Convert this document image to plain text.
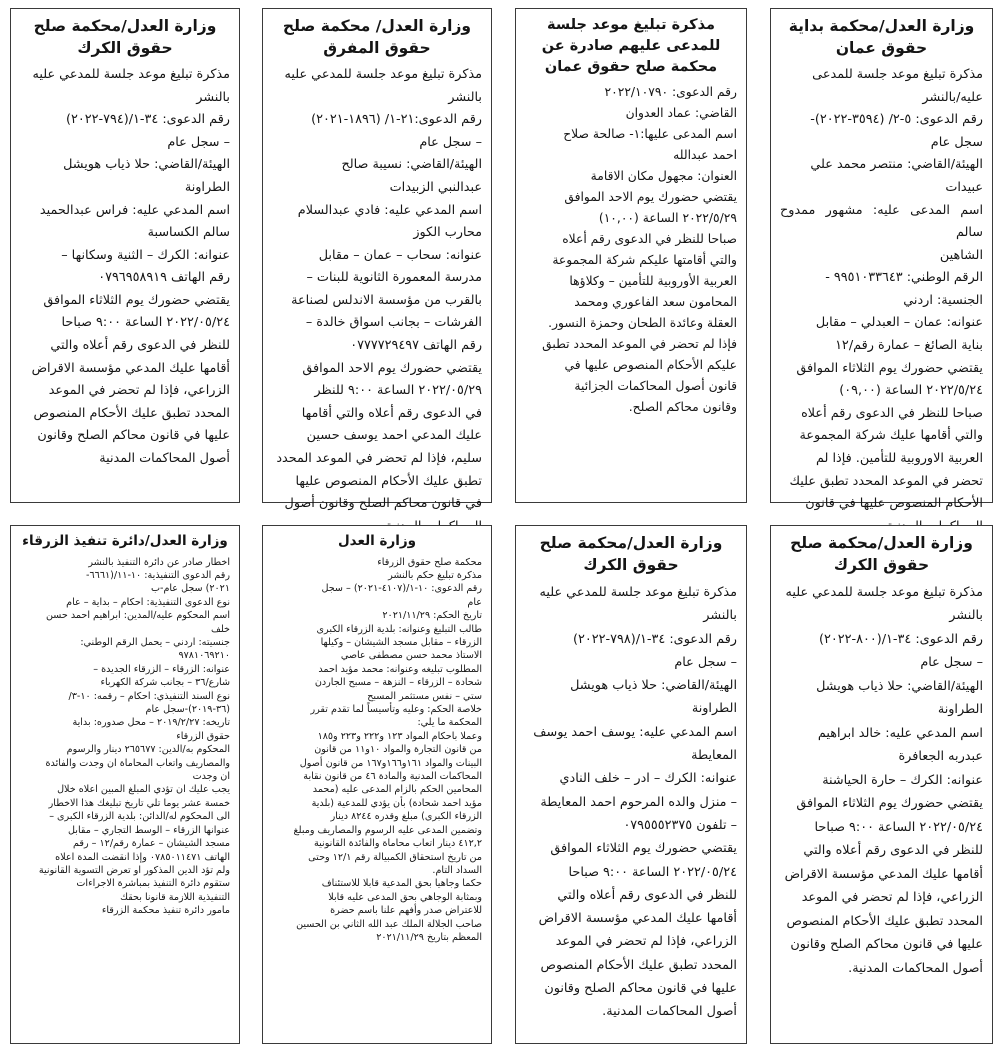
وزارة العدل/محكمة بداية حقوق عمان
مذكرة تبليغ موعد جلسة للمدعى
عليه/بالنشر
رقم الدعوى: ٥-٢/ (٣٥٩٤-٢٠٢٢)-
سجل عام
الهيئة/القاضي: منتصر محمد علي
عبيدات
اسم المدعى عليه: مشهور ممدوح سالم
الشاهين
الرقم الوطني: ٩٩٥١٠٣٣٦٤٣ -
الجنسية: اردني
عنوانه: عمان – العبدلي – مقابل
بناية الصائغ – عمارة رقم/١٢
يقتضي حضورك يوم الثلاثاء الموافق
٢٠٢٢/٥/٢٤ الساعة (٠٩,٠٠)
صباحا للنظر في الدعوى رقم أعلاه
والتي أقامها عليك شركة المجموعة
العربية الاوروبية للتأمين. فإذا لم
تحضر في الموعد المحدد تطبق عليك
الأحكام المنصوص عليها في قانون
مذكرة تبليغ موعد جلسة للمدعى عليهم صادرة عن محكمة صلح حقوق عمان
رقم الدعوى: ٢٠٢٢/١٠٧٩٠
القاضي: عماد العدوان
اسم المدعى عليها:١- صالحة صلاح
احمد عبدالله
العنوان: مجهول مكان الاقامة
يقتضي حضورك يوم الاحد الموافق
٢٠٢٢/٥/٢٩ الساعة (١٠,٠٠)
صباحا للنظر في الدعوى رقم أعلاه
والتي أقامتها عليكم شركة المجموعة
العربية الأوروبية للتأمين – وكلاؤها
المحامون سعد الفاعوري ومحمد
العقلة وعائدة الطحان وحمزة النسور.
فإذا لم تحضر في الموعد المحدد تطبق
عليكم الأحكام المنصوص عليها في
قانون أصول المحاكمات الجزائية
وقانون محاكم الصلح.
وزارة العدل/ محكمة صلح حقوق المفرق
مذكرة تبليغ موعد جلسة للمدعي عليه
بالنشر
رقم الدعوى:٢١-١/ (١٨٩٦-٢٠٢١)
– سجل عام
الهيئة/القاضي: نسيبة صالح
عبدالنبي الزبيدات
اسم المدعي عليه: فادي عبدالسلام
محارب الكوز
عنوانه: سحاب – عمان – مقابل
مدرسة المعمورة الثانوية للبنات –
بالقرب من مؤسسة الاندلس لصناعة
الفرشات – بجانب اسواق خالدة –
رقم الهاتف ٠٧٧٧٧٢٩٤٩٧
يقتضي حضورك يوم الاحد الموافق
٢٠٢٢/٠٥/٢٩ الساعة ٩:٠٠ للنظر
في الدعوى رقم أعلاه والتي أقامها
عليك المدعي احمد يوسف حسين
سليم، فإذا لم تحضر في الموعد المحدد
تطبق عليك الأحكام المنصوص عليها
في قانون محاكم الصلح وقانون أصول
وزارة العدل/محكمة صلح حقوق الكرك
مذكرة تبليغ موعد جلسة للمدعي عليه
بالنشر
رقم الدعوى: ٣٤-١/(٧٩٤-٢٠٢٢)
– سجل عام
الهيئة/القاضي: حلا ذياب هويشل
الطراونة
اسم المدعي عليه: فراس عبدالحميد
سالم الكساسبة
عنوانه: الكرك – الثنية وسكانها –
رقم الهاتف ٠٧٩٦٩٥٨٩١٩
يقتضي حضورك يوم الثلاثاء الموافق
٢٠٢٢/٠٥/٢٤ الساعة ٩:٠٠ صباحا
للنظر في الدعوى رقم أعلاه والتي
أقامها عليك المدعي مؤسسة الاقراض
الزراعي، فإذا لم تحضر في الموعد
المحدد تطبق عليك الأحكام المنصوص
عليها في قانون محاكم الصلح وقانون
أصول المحاكمات المدنية
وزارة العدل/محكمة صلح حقوق الكرك
مذكرة تبليغ موعد جلسة للمدعي عليه
بالنشر
رقم الدعوى: ٣٤-١/(٨٠٠-٢٠٢٢)
– سجل عام
الهيئة/القاضي: حلا ذياب هويشل
الطراونة
اسم المدعي عليه: خالد ابراهيم
عبدربه الجعافرة
عنوانه: الكرك – حارة الحياشنة
يقتضي حضورك يوم الثلاثاء الموافق
٢٠٢٢/٠٥/٢٤ الساعة ٩:٠٠ صباحا
للنظر في الدعوى رقم أعلاه والتي
أقامها عليك المدعي مؤسسة الاقراض
الزراعي، فإذا لم تحضر في الموعد
المحدد تطبق عليك الأحكام المنصوص
عليها في قانون محاكم الصلح وقانون
أصول المحاكمات المدنية.
وزارة العدل/محكمة صلح حقوق الكرك
مذكرة تبليغ موعد جلسة للمدعي عليه
بالنشر
رقم الدعوى: ٣٤-١/(٧٩٨-٢٠٢٢)
– سجل عام
الهيئة/القاضي: حلا ذياب هويشل
الطراونة
اسم المدعي عليه: يوسف احمد يوسف
المعايطة
عنوانه: الكرك – ادر – خلف النادي
– منزل والده المرحوم احمد المعايطة
– تلفون ٠٧٩٥٥٥٢٣٧٥
يقتضي حضورك يوم الثلاثاء الموافق
٢٠٢٢/٠٥/٢٤ الساعة ٩:٠٠ صباحا
للنظر في الدعوى رقم أعلاه والتي
أقامها عليك المدعي مؤسسة الاقراض
الزراعي، فإذا لم تحضر في الموعد
المحدد تطبق عليك الأحكام المنصوص
عليها في قانون محاكم الصلح وقانون
أصول المحاكمات المدنية.
وزارة العدل
محكمة صلح حقوق الزرقاء
مذكرة تبليغ حكم بالنشر
رقم الدعوى: ١٠-١/(٤١٠٧-٢٠٢١) – سجل
عام
تاريخ الحكم: ٢٠٢١/١١/٢٩
طالب التبليغ وعنوانه: بلدية الزرقاء الكبرى
الزرقاء – مقابل مسجد الشيشان – وكيلها
الاستاذ محمد حسن مصطفى عاصي
المطلوب تبليغه وعنوانه: محمد مؤيد احمد
شحادة – الزرقاء – النزهة – مسبح الجاردن
ستي – نفس مستثمر المسبح
خلاصة الحكم: وعليه وتأسيساً لما تقدم تقرر
المحكمة ما يلي:
وعملا باحكام المواد ١٢٣ و٢٢٢ و٢٢٣ و١٨٥
من قانون التجارة والمواد ١٠و١١ من قانون
البينات والمواد ١٦١و١٦٦و١٦٧ من قانون أصول
المحاكمات المدنية والمادة ٤٦ من قانون نقابة
المحامين الحكم بالزام المدعى عليه (محمد
مؤيد احمد شحادة) بأن يؤدي للمدعية (بلدية
الزرقاء الكبرى) مبلغ وقدره ٨٢٤٤ دينار
وتضمين المدعى عليه الرسوم والمصاريف ومبلغ
٤١٢,٢ دينار اتعاب محاماة والفائدة القانونية
من تاريخ استحقاق الكمبيالة رقم ١٢/١ وحتى
السداد التام.
حكما وجاهيا بحق المدعية قابلا للاستئناف
وبمثابة الوجاهي بحق المدعى عليه قابلا
للاعتراض صدر وأفهم علنا باسم حضرة
صاحب الجلالة الملك عبد الله الثاني بن الحسين
المعظم بتاريخ ٢٠٢١/١١/٢٩
وزارة العدل/دائرة تنفيذ الزرقاء
اخطار صادر عن دائرة التنفيذ بالنشر
رقم الدعوى التنفيذية: ١٠-١١/(٦٦٦١-
٢٠٢١) سجل عام-ب
نوع الدعوى التنفيذية: احكام – بداية – عام
اسم المحكوم عليه/المدين: ابراهيم احمد حسن
خلف
جنسيته: اردني – يحمل الرقم الوطني:
٩٧٨١٠٦٩٢١٠
عنوانه: الزرقاء – الزرقاء الجديدة –
شارع/٣٦ – بجانب شركة الكهرباء
نوع السند التنفيذي: احكام – رقمه: ١٠-٣/
(٣٦-٢٠١٩)-سجل عام
تاريخه: ٢٠١٩/٢/٢٧ – محل صدوره: بداية
حقوق الزرقاء
المحكوم به/الدين: ٢٦٥٦٧٧ دينار والرسوم
والمصاريف واتعاب المحاماة ان وجدت والفائدة
ان وجدت
يجب عليك ان تؤدي المبلغ المبين اعلاه خلال
خمسة عشر يوما تلي تاريخ تبليغك هذا الاخطار
الى المحكوم له/الدائن: بلدية الزرقاء الكبرى –
عنوانها الزرقاء – الوسط التجاري – مقابل
مسجد الشيشان – عمارة رقم/١٢ – رقم
الهاتف ٠٧٨٥٠١١٤٧١ وإذا انقضت المدة اعلاه
ولم تؤد الدين المذكور او تعرض التسوية القانونية
ستقوم دائرة التنفيذ بمباشرة الاجراءات
التنفيذية اللازمة قانونا بحقك
مامور دائرة تنفيذ محكمة الزرقاء
